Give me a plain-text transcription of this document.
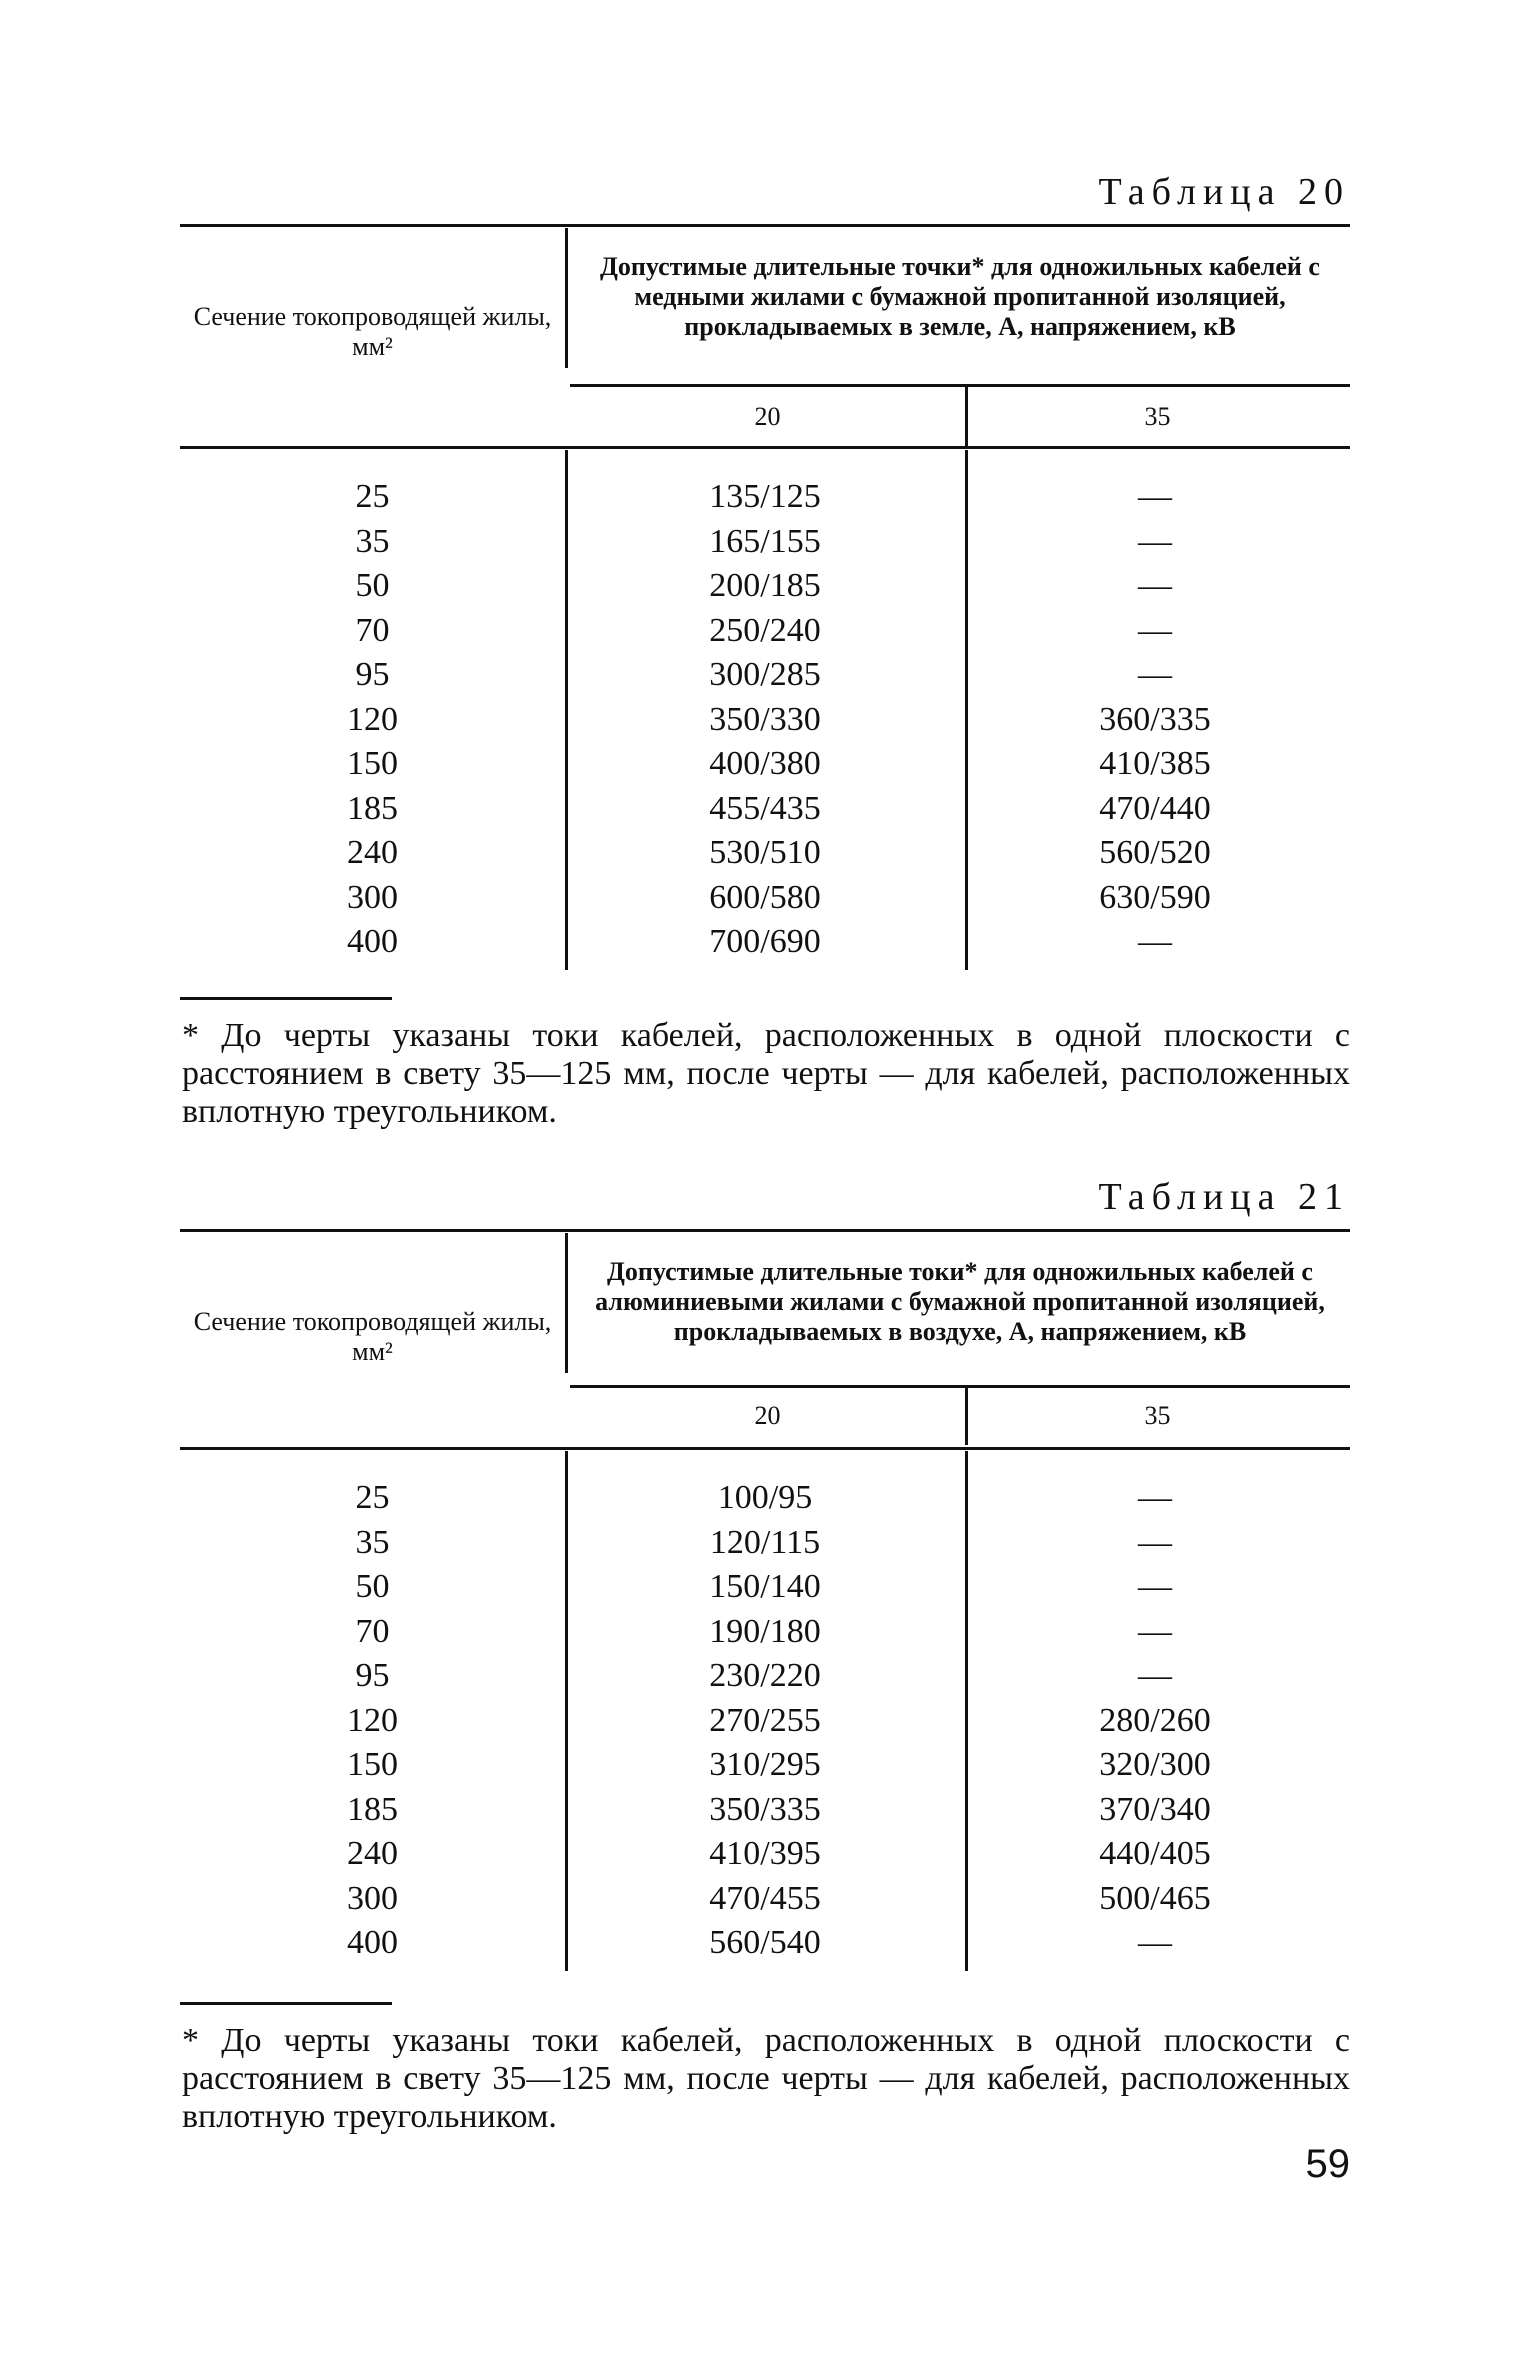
Таблица 20
Сечение токопроводящей жилы, мм²
Допустимые длительные точки* для одножильных кабелей с медными жилами с бумажной пропитанной изоляцией, прокладываемых в земле, А, напряжением, кВ
20	35
25	135/125	—
35	165/155	—
50	200/185	—
70	250/240	—
95	300/285	—
120	350/330	360/335
150	400/380	410/385
185	455/435	470/440
240	530/510	560/520
300	600/580	630/590
400	700/690	—
* До черты указаны токи кабелей, расположенных в одной плоскости с расстоянием в свету 35—125 мм, после черты — для кабелей, расположенных вплотную треугольником.
Таблица 21
Сечение токопроводящей жилы, мм²
Допустимые длительные токи* для одножильных кабелей с алюминиевыми жилами с бумажной пропитанной изоляцией, прокладываемых в воздухе, А, напряжением, кВ
20	35
25	100/95	—
35	120/115	—
50	150/140	—
70	190/180	—
95	230/220	—
120	270/255	280/260
150	310/295	320/300
185	350/335	370/340
240	410/395	440/405
300	470/455	500/465
400	560/540	—
* До черты указаны токи кабелей, расположенных в одной плоскости с расстоянием в свету 35—125 мм, после черты — для кабелей, расположенных вплотную треугольником.
59
